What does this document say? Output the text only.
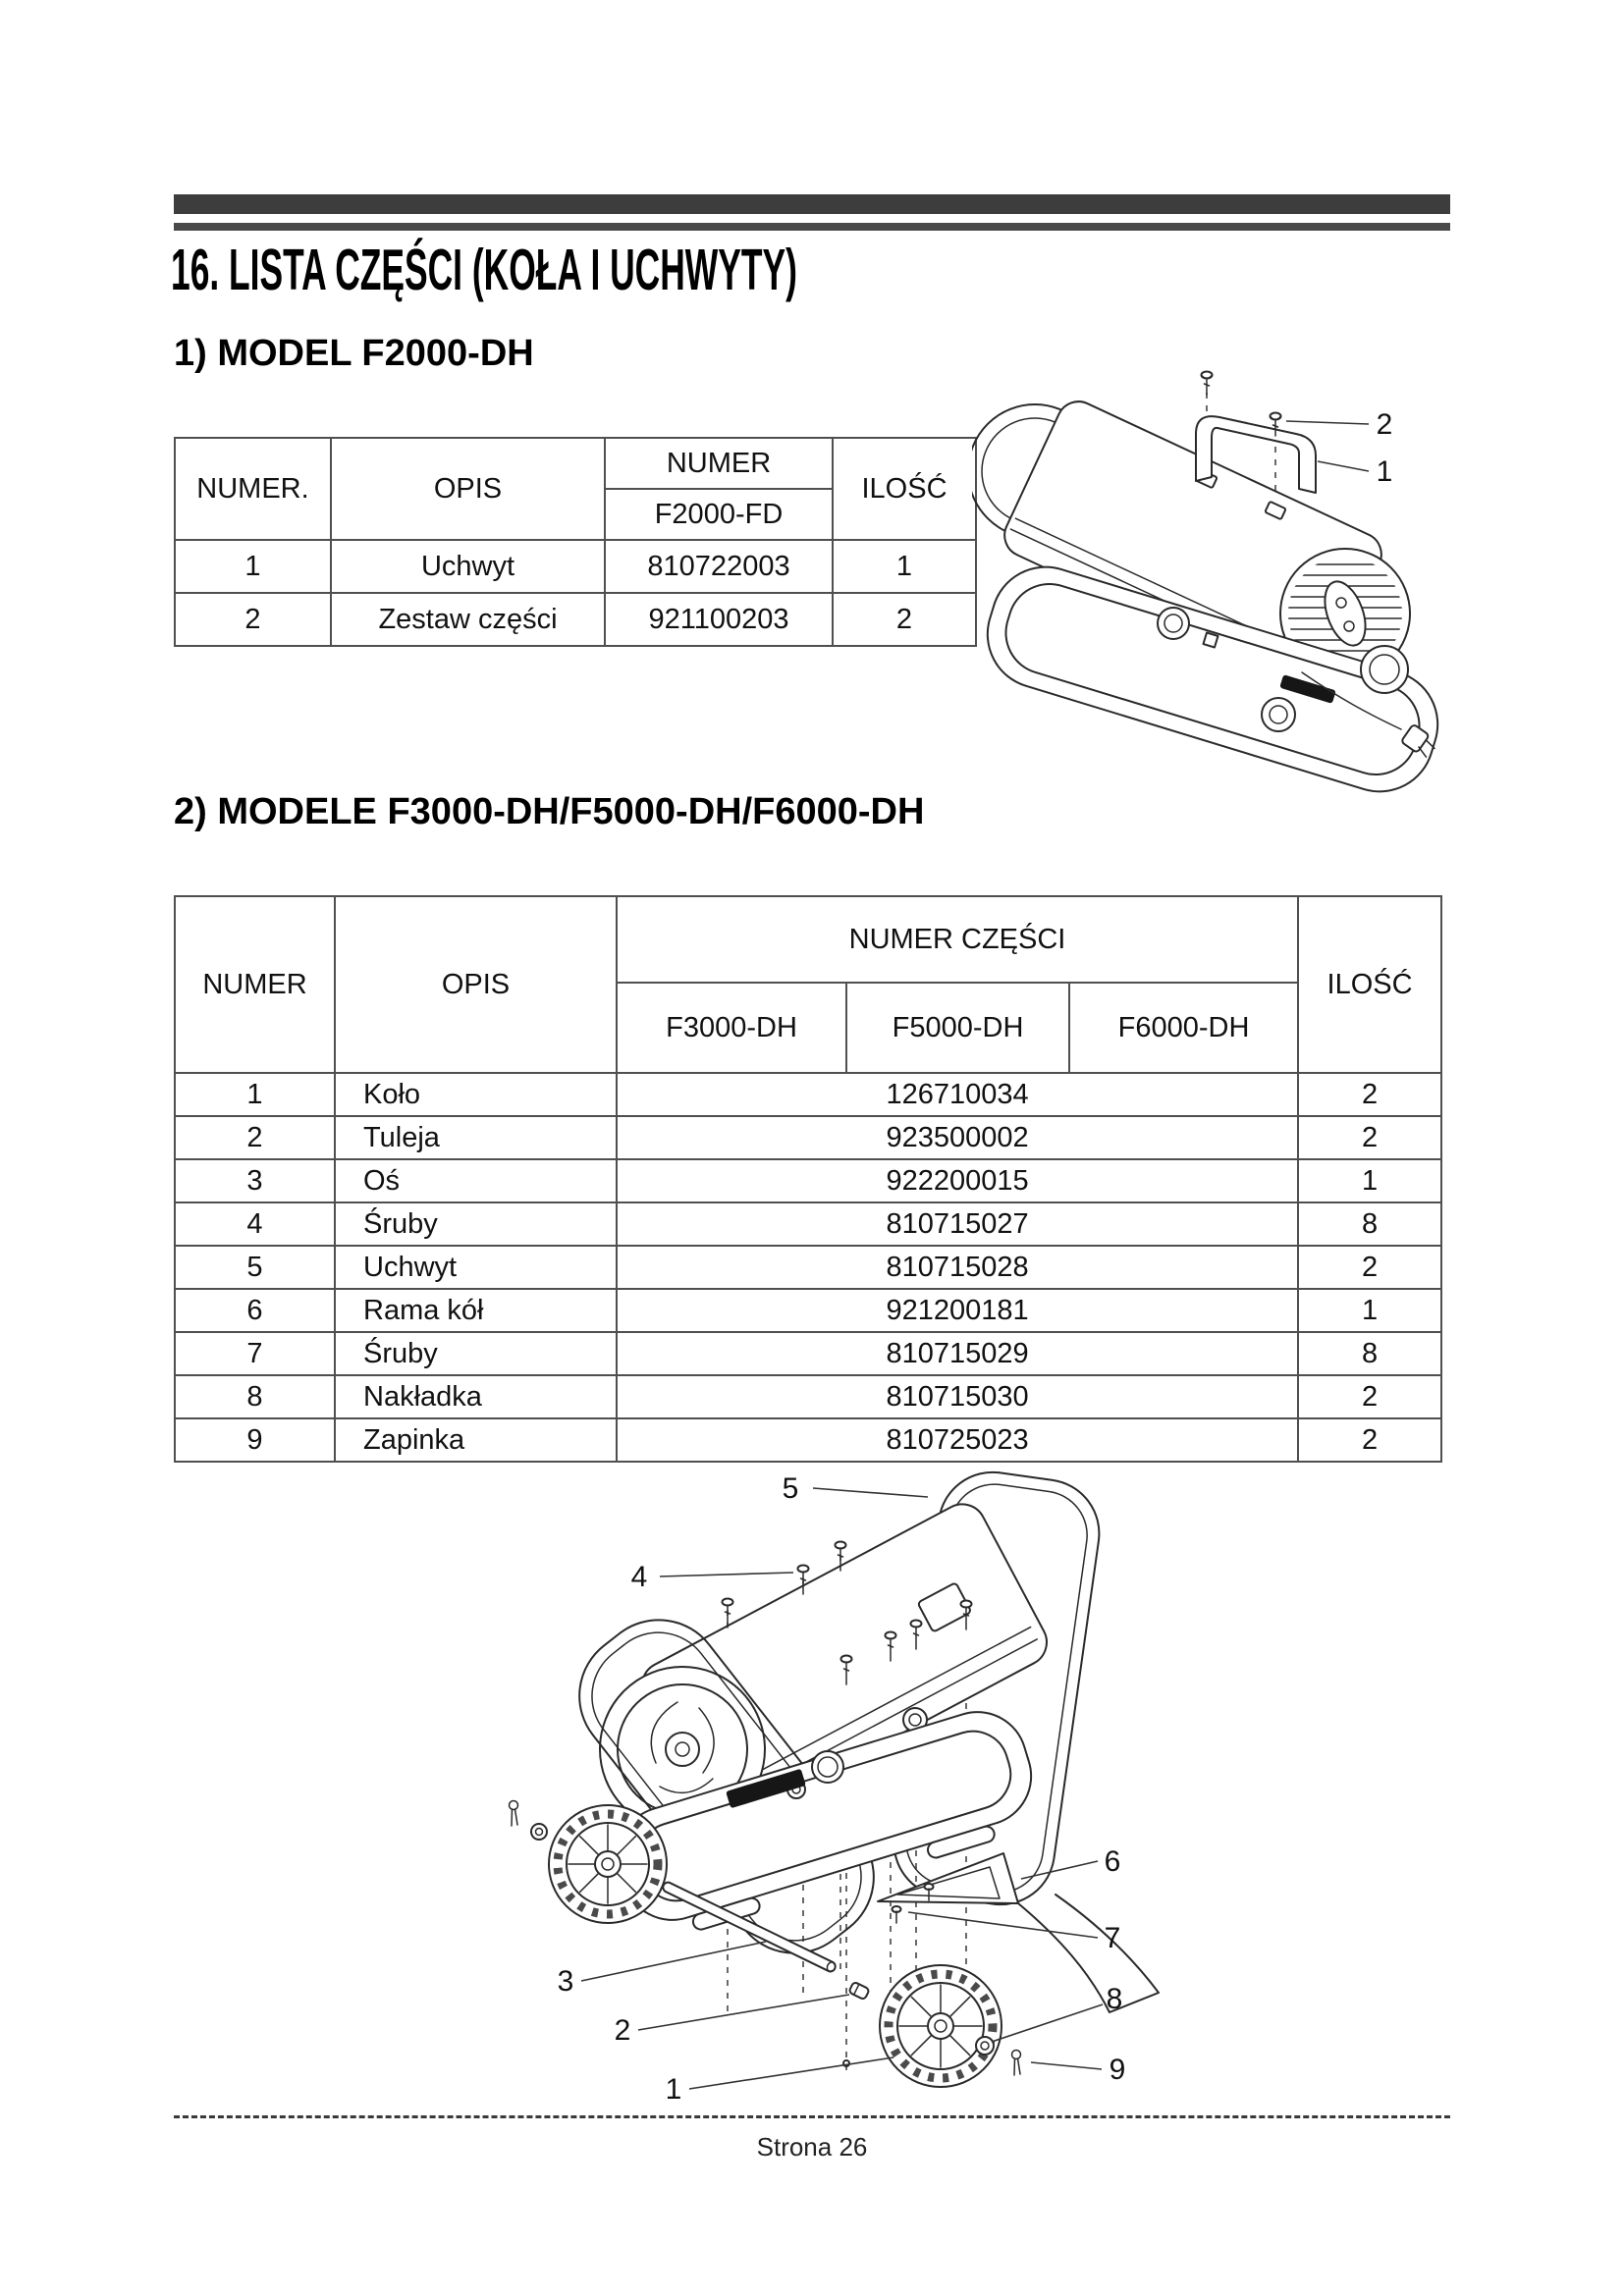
16. LISTA CZĘŚCI (KOŁA I UCHWYTY)
1) MODEL F2000-DH
NUMER.	OPIS	NUMER	ILOŚĆ
		F2000-FD	
1	Uchwyt	810722003	1
2	Zestaw części	921100203	2
2
1
2) MODELE F3000-DH/F5000-DH/F6000-DH
NUMER	OPIS	NUMER CZĘŚCI			ILOŚĆ
		F3000-DH	F5000-DH	F6000-DH	
1	Koło	126710034			2
2	Tuleja	923500002			2
3	Oś	922200015			1
4	Śruby	810715027			8
5	Uchwyt	810715028			2
6	Rama kół	921200181			1
7	Śruby	810715029			8
8	Nakładka	810715030			2
9	Zapinka	810725023			2
5
4
6
7
8
9
3
2
1
Strona 26
